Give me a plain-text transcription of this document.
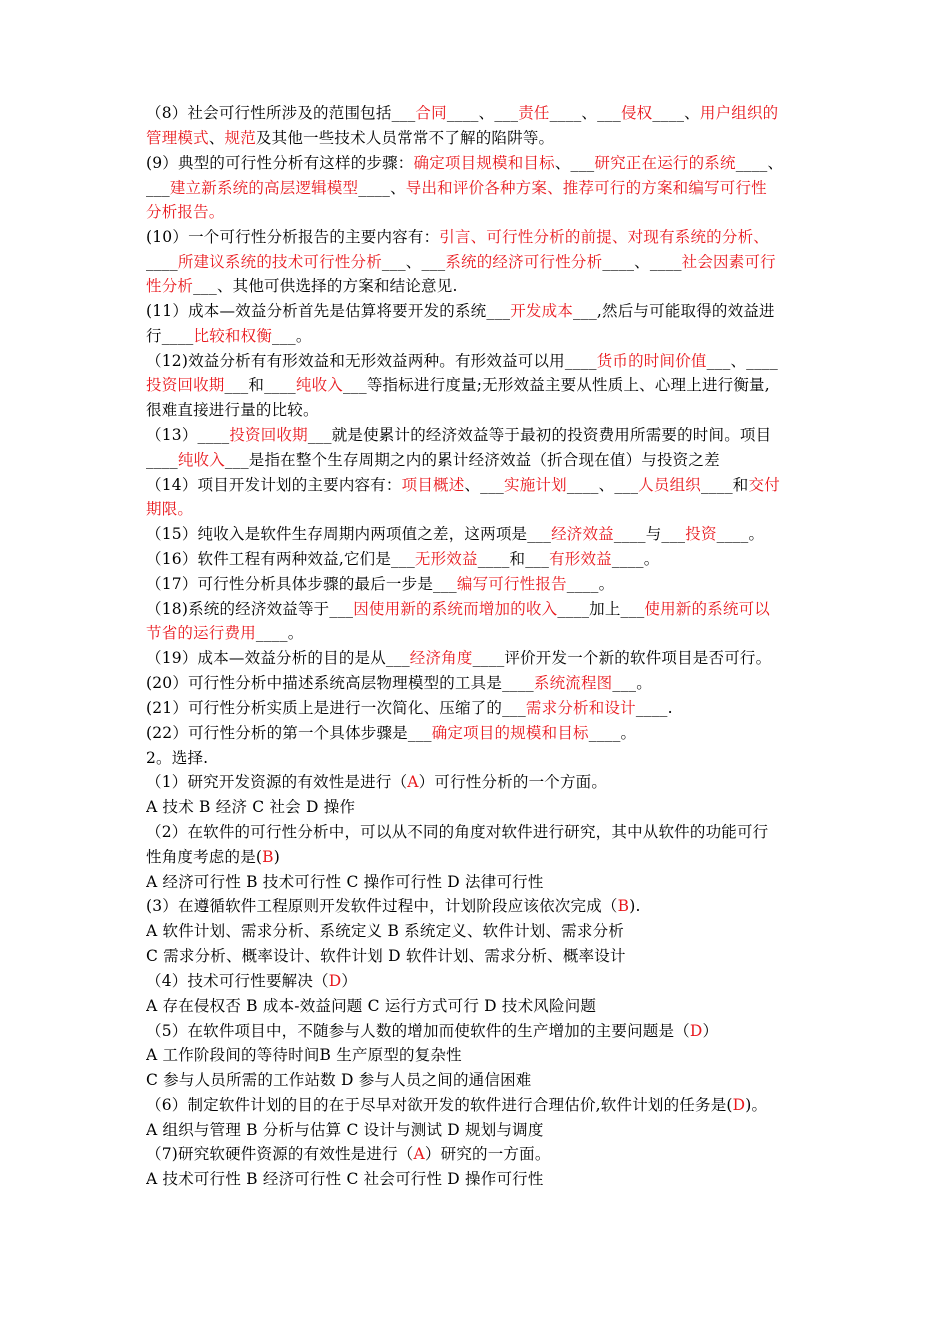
（8）社会可行性所涉及的范围包括___合同____、___责任____、___侵权____、用户组织的
管理模式、规范及其他一些技术人员常常不了解的陷阱等。
(9）典型的可行性分析有这样的步骤：确定项目规模和目标、___研究正在运行的系统____、
___建立新系统的高层逻辑模型____、导出和评价各种方案、推荐可行的方案和编写可行性
分析报告。
(10）一个可行性分析报告的主要内容有：引言、可行性分析的前提、对现有系统的分析、
____所建议系统的技术可行性分析___、___系统的经济可行性分析____、____社会因素可行
性分析___、其他可供选择的方案和结论意见.
(11）成本—效益分析首先是估算将要开发的系统___开发成本___,然后与可能取得的效益进
行____比较和权衡___。
（12)效益分析有有形效益和无形效益两种。有形效益可以用____货币的时间价值___、____
投资回收期___和____纯收入___等指标进行度量;无形效益主要从性质上、心理上进行衡量,
很难直接进行量的比较。
（13）____投资回收期___就是使累计的经济效益等于最初的投资费用所需要的时间。项目
____纯收入___是指在整个生存周期之内的累计经济效益（折合现在值）与投资之差
（14）项目开发计划的主要内容有：项目概述、___实施计划____、___人员组织____和交付
期限。
（15）纯收入是软件生存周期内两项值之差，这两项是___经济效益____与___投资____。
（16）软件工程有两种效益,它们是___无形效益____和___有形效益____。
（17）可行性分析具体步骤的最后一步是___编写可行性报告____。
（18)系统的经济效益等于___因使用新的系统而增加的收入____加上___使用新的系统可以
节省的运行费用____。
（19）成本—效益分析的目的是从___经济角度____评价开发一个新的软件项目是否可行。
(20）可行性分析中描述系统高层物理模型的工具是____系统流程图___。
(21）可行性分析实质上是进行一次简化、压缩了的___需求分析和设计____.
(22）可行性分析的第一个具体步骤是___确定项目的规模和目标____。
2。选择.
（1）研究开发资源的有效性是进行（A）可行性分析的一个方面。
A 技术 B 经济 C 社会 D 操作
（2）在软件的可行性分析中，可以从不同的角度对软件进行研究，其中从软件的功能可行
性角度考虑的是(B)
A 经济可行性 B 技术可行性 C 操作可行性 D 法律可行性
(3）在遵循软件工程原则开发软件过程中，计划阶段应该依次完成（B).
A 软件计划、需求分析、系统定义 B 系统定义、软件计划、需求分析
C 需求分析、概率设计、软件计划 D 软件计划、需求分析、概率设计
（4）技术可行性要解决（D）
A 存在侵权否 B 成本-效益问题 C 运行方式可行 D 技术风险问题
（5）在软件项目中，不随参与人数的增加而使软件的生产增加的主要问题是（D）
A 工作阶段间的等待时间B 生产原型的复杂性
C 参与人员所需的工作站数 D 参与人员之间的通信困难
（6）制定软件计划的目的在于尽早对欲开发的软件进行合理估价,软件计划的任务是(D)。
A 组织与管理 B 分析与估算 C 设计与测试 D 规划与调度
（7)研究软硬件资源的有效性是进行（A）研究的一方面。
A 技术可行性 B 经济可行性 C 社会可行性 D 操作可行性
